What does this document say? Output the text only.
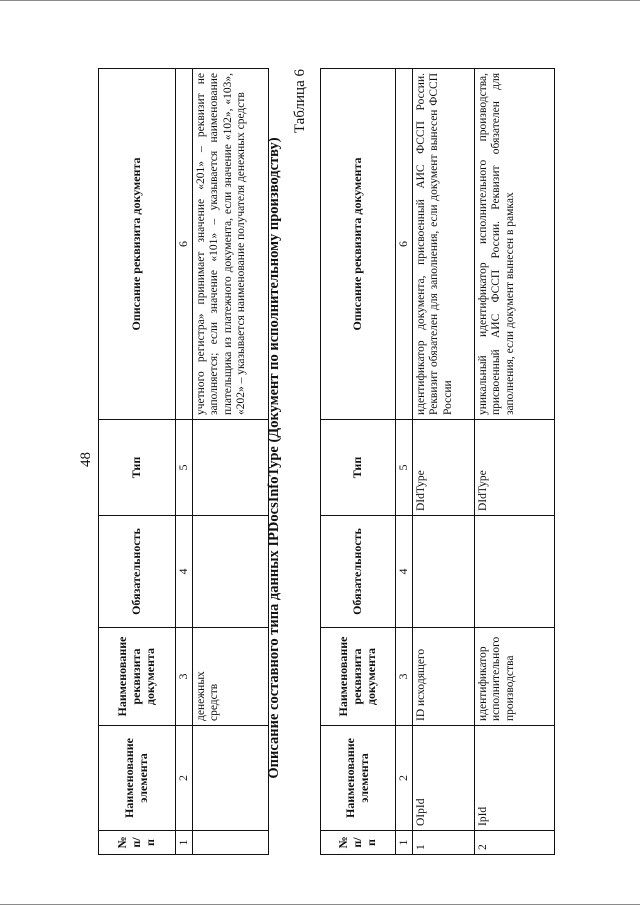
48
№ п/п	Наименование элемента	Наименование реквизита документа	Обязательность	Тип	Описание реквизита документа
1	2	3	4	5	6
		денежных средств			учетного регистра» принимает значение «201» – реквизит не заполняется; если значение «101» – указывается наименование плательщика из платежного документа, если значение «102», «103», «202» – указывается наименование получателя денежных средств Описание составного типа данных IPDocsInfoType (Документ по исполнительному производству)
Таблица 6
№ п/п	Наименование элемента	Наименование реквизита документа	Обязательность	Тип	Описание реквизита документа
1	2	3	4	5	6
1	OIpId	ID исходящего		DIdType	идентификатор документа, присвоенный АИС ФССП России. Реквизит обязателен для заполнения, если документ вынесен ФССП России
2	IpId	идентификатор исполнительного производства		DIdType	уникальный идентификатор исполнительного производства, присвоенный АИС ФССП России. Реквизит обязателен для заполнения, если документ вынесен в рамках
